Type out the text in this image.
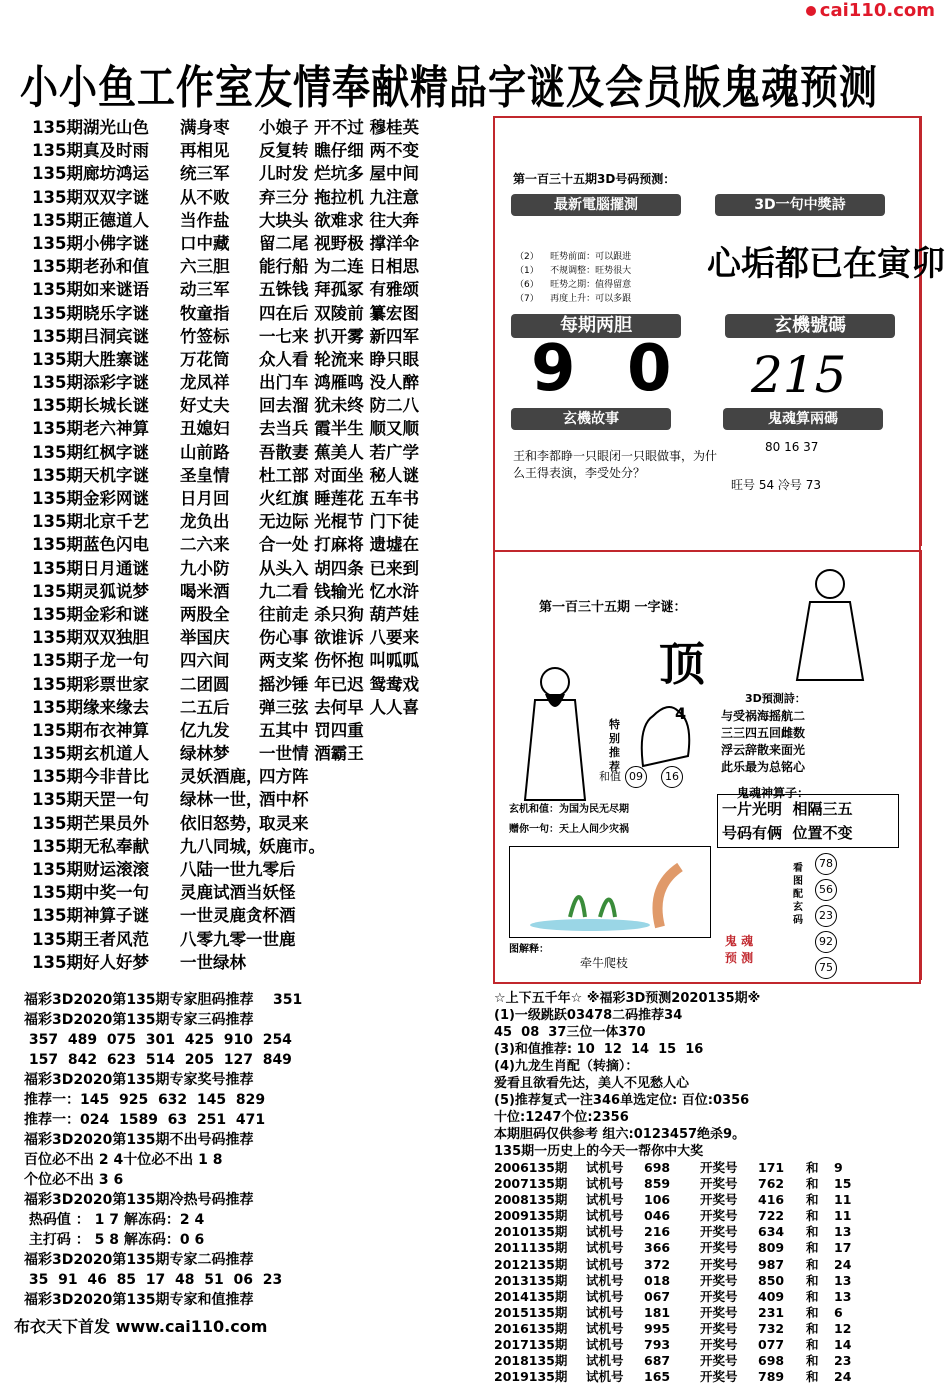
cai110.com
小小鱼工作室友情奉献精品字谜及会员版鬼魂预测
135期湖光山色	满身枣	小娘子 开不过 穆桂英
135期真及时雨	再相见	反复转 瞧仔细 两不变
135期廊坊鸿运	统三军	儿时发 烂坑多 屋中间
135期双双字谜	从不败	弃三分 拖拉机 九注意
135期正德道人	当作盐	大块头 欲难求 往大奔
135期小佛字谜	口中藏	留二尾 视野极 撑洋伞
135期老孙和值	六三胆	能行船 为二连 日相思
135期如来谜语	动三军	五铢钱 拜孤冢 有雅颂
135期晓乐字谜	牧童指	四在后 双陵前 纂宏图
135期吕洞宾谜	竹签标	一七来 扒开雾 新四军
135期大胜寨谜	万花筒	众人看 轮流来 睁只眼
135期添彩字谜	龙凤祥	出门车 鸿雁鸣 没人醉
135期长城长谜	好丈夫	回去溜 犹未终 防二八
135期老六神算	丑媳妇	去当兵 霞半生 顺又顺
135期红枫字谜	山前路	吾散妻 蕉美人 若广学
135期天机字谜	圣皇情	杜工部 对面坐 秘人谜
135期金彩网谜	日月回	火红旗 睡莲花 五车书
135期北京千艺	龙负出	无边际 光棍节 门下徒
135期蓝色闪电	二六来	合一处 打麻将 遗墟在
135期日月通谜	九小防	从头入 胡四条 已来到
135期灵狐说梦	喝米酒	九二看 钱输光 忆水浒
135期金彩和谜	两股全	往前走 杀只狗 葫芦娃
135期双双独胆	举国庆	伤心事 欲谁诉 八要来
135期子龙一句	四六间	两支桨 伤怀抱 叫呱呱
135期彩票世家	二团圆	摇沙锤 年已迟 鸳鸯戏
135期缘来缘去	二五后	弹三弦 去何早 人人喜
135期布衣神算	亿九发	五其中 罚四重
135期玄机道人	绿林梦	一世情 酒霸王
135期今非昔比	灵妖酒鹿，
四方阵
135期天罡一句	绿林一世，
酒中杯
135期芒果员外	依旧怒势，
取灵来
135期无私奉献	九八同城，
妖鹿市。
135期财运滚滚	八陆一世九零后
135期中奖一句	灵鹿试酒当妖怪
135期神算子谜	一世灵鹿贪杯酒
135期王者风范	八零九零一世鹿
135期好人好梦	一世绿林
福彩3D2020第135期专家胆码推荐    351
福彩3D2020第135期专家三码推荐
357  489  075  301  425  910  254
157  842  623  514  205  127  849
福彩3D2020第135期专家奖号推荐
推荐一：145  925  632  145  829
推荐一：024  1589  63  251  471
福彩3D2020第135期不出号码推荐
百位必不出 2 4十位必不出 1 8
个位必不出 3 6
福彩3D2020第135期冷热号码推荐
热码值 ： 1 7 解冻码：2 4
主打码 ： 5 8 解冻码：0 6
福彩3D2020第135期专家二码推荐
35  91  46  85  17  48  51  06  23
福彩3D2020第135期专家和值推荐
布衣天下首发 www.cai110.com
第一百三十五期3D号码预测：
最新電腦擺測	3D一句中獎詩
（2）    旺势前面：可以跟进
（1）    不规调整：旺势很大
（6）    旺势之期：值得留意
（7）    再度上升：可以多跟
心垢都已在寅卯
每期两胆	玄機號碼
9 0 215
玄機故事	鬼魂算兩碼
王和李都睁一只眼闭一只眼做事，为什么王得表演，李受处分？
80 16 37
旺号 54 冷号 73
第一百三十五期 一字谜：
顶
特别推荐
4
和值 09	16
3D預測詩：
与受祸海摇航二
三三四五回雌数
浮云辞散来面光
此乐最为总铭心
鬼魂神算子：
一片光明  相隔三五
号码有俩  位置不变
玄机和值：为国为民无尽期
赠你一句：天上人间少灾祸
图解释：
牵牛爬枝
鬼 魂
预 测
看图配玄码
7856239275
☆上下五千年☆ ※福彩3D预测2020135期※
(1)一级跳跃03478二码推荐34
45  08  37三位一体370
(3)和值推荐: 10  12  14  15  16
(4)九龙生肖配（转摘）：
爱看且欲看先达，美人不见愁人心
(5)推荐复式一注346单选定位: 百位:0356
十位:1247个位:2356
本期胆码仅供参考 组六:0123457绝杀9。
135期一历史上的今天一帮你中大奖
2006135期	试机号	698	开奖号	171	和	9
2007135期	试机号	859	开奖号	762	和	15
2008135期	试机号	106	开奖号	416	和	11
2009135期	试机号	046	开奖号	722	和	11
2010135期	试机号	216	开奖号	634	和	13
2011135期	试机号	366	开奖号	809	和	17
2012135期	试机号	372	开奖号	987	和	24
2013135期	试机号	018	开奖号	850	和	13
2014135期	试机号	067	开奖号	409	和	13
2015135期	试机号	181	开奖号	231	和	6
2016135期	试机号	995	开奖号	732	和	12
2017135期	试机号	793	开奖号	077	和	14
2018135期	试机号	687	开奖号	698	和	23
2019135期	试机号	165	开奖号	789	和	24
